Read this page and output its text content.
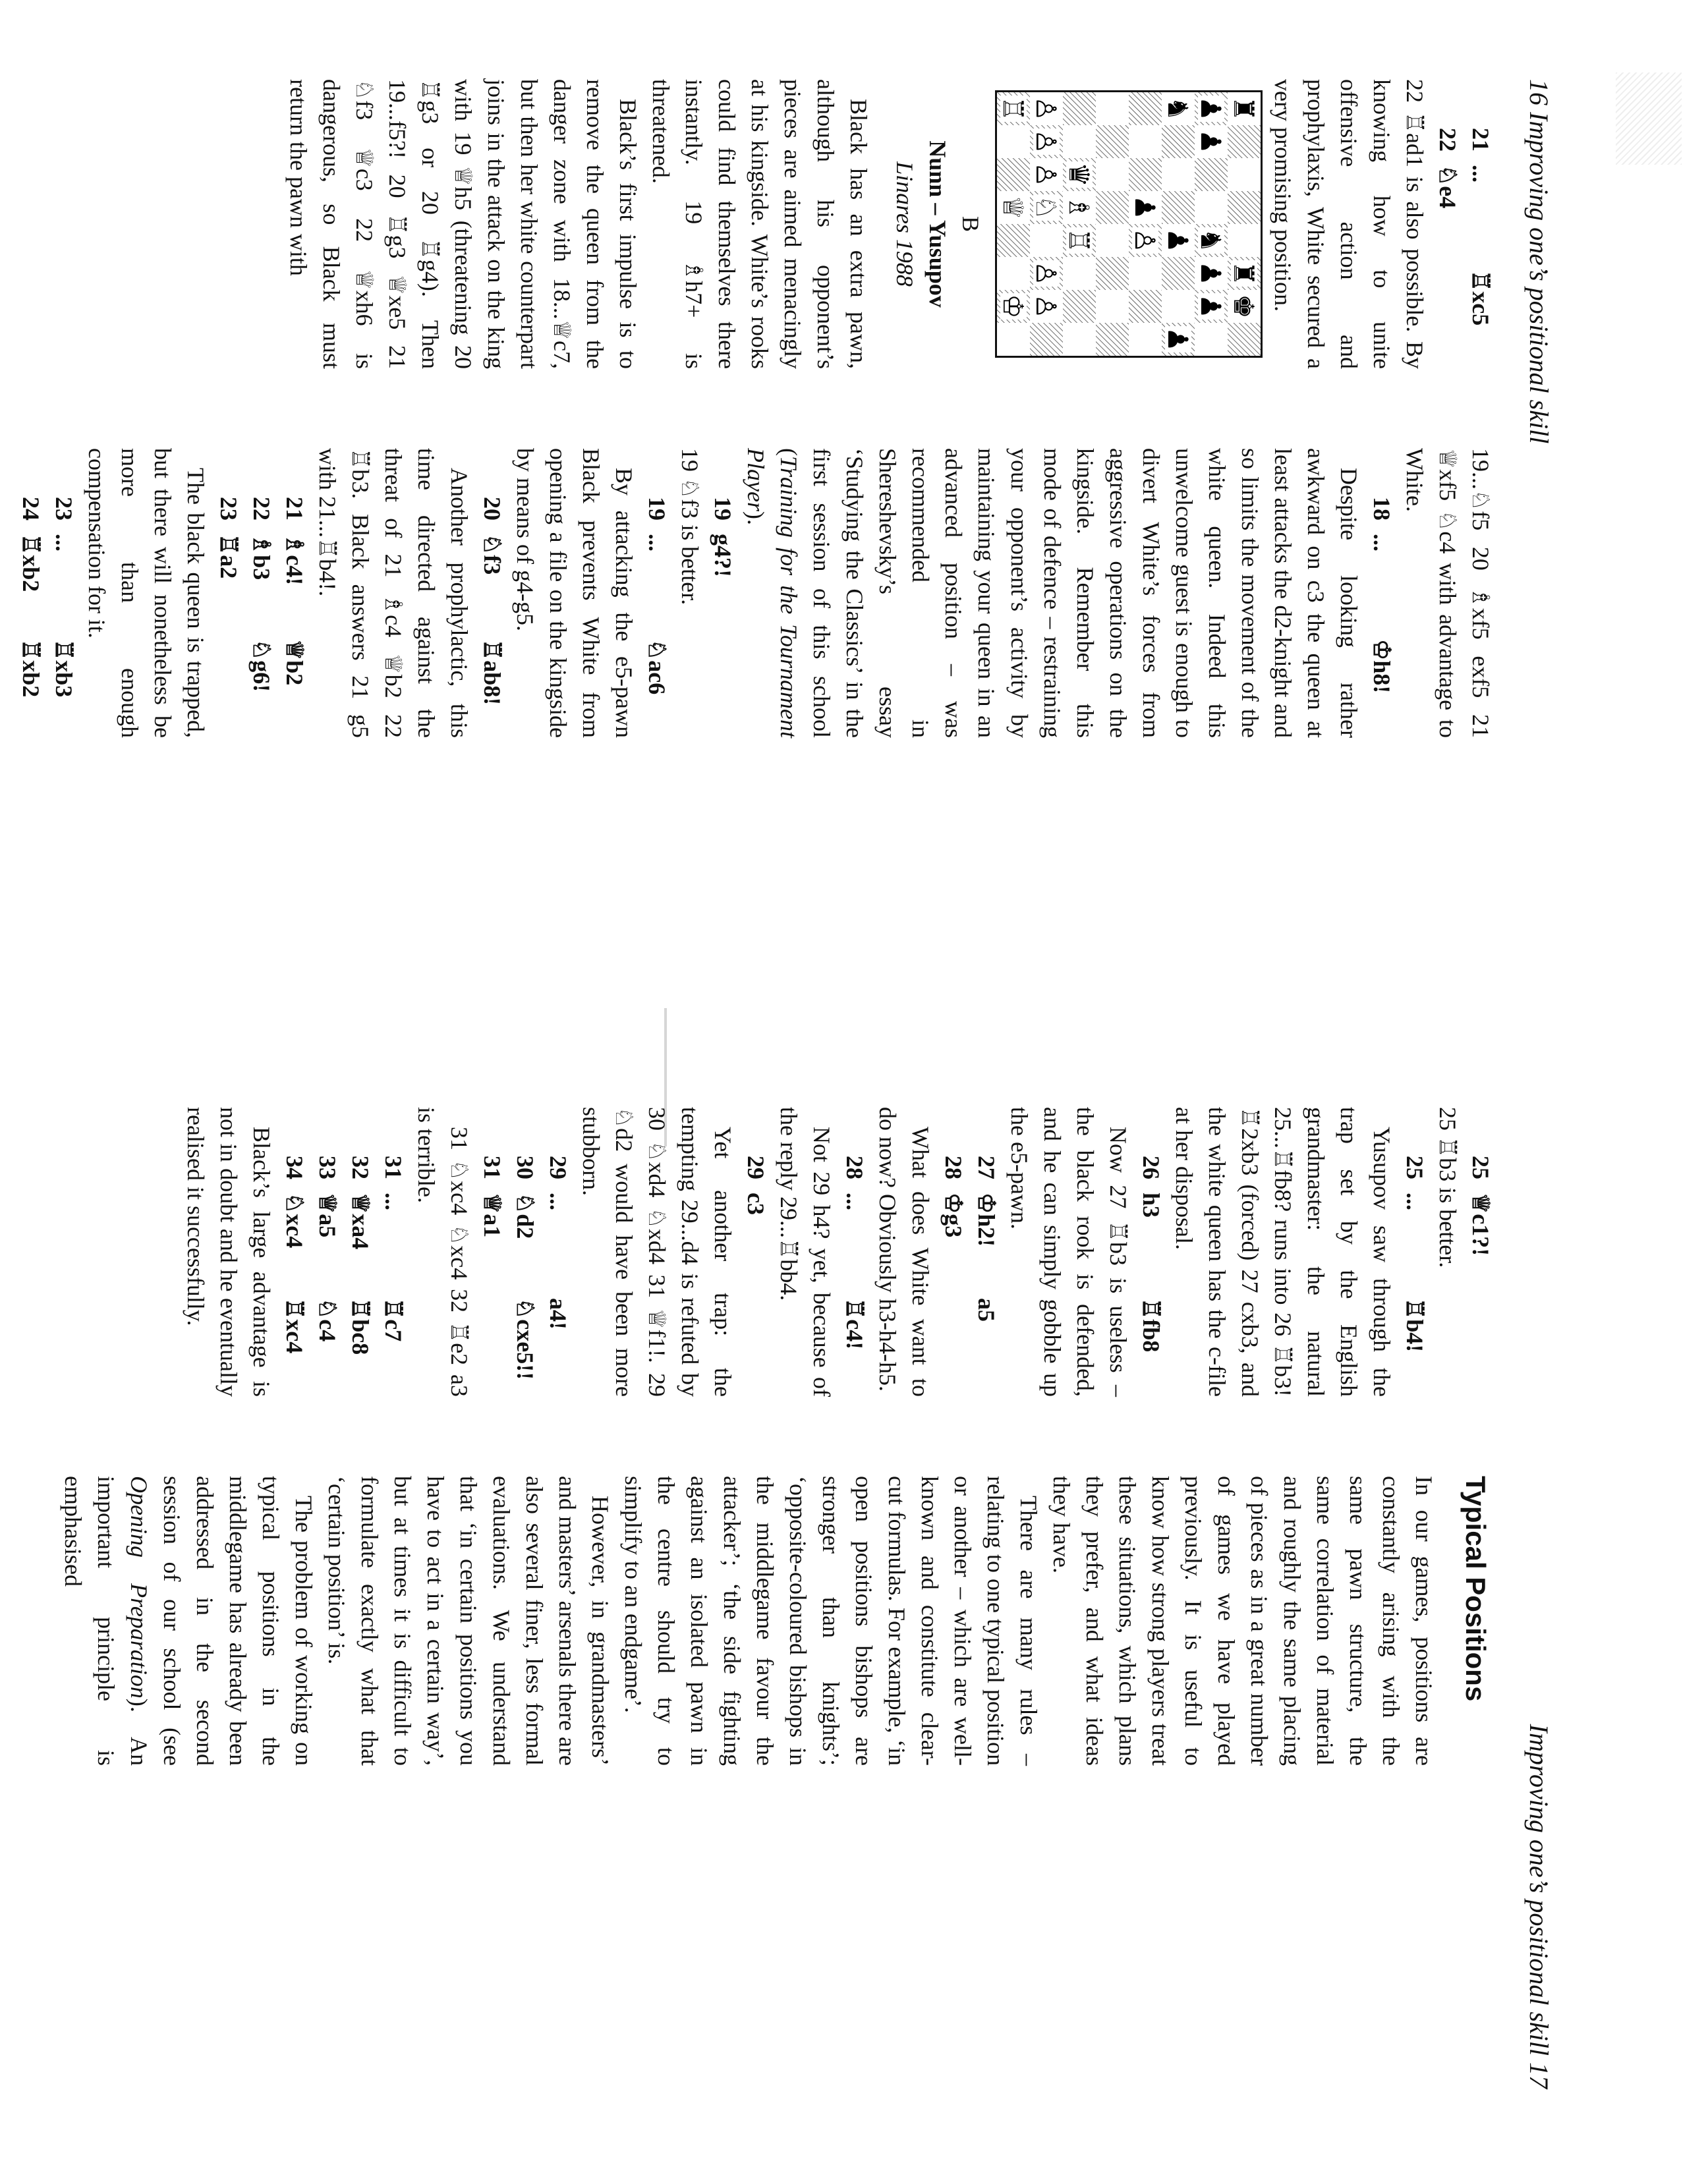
16 Improving one’s positional skill
21
...
♖xc5
22
♘e4

22 ♖ad1 is also possible. By knowing how to unite offensive action and prophylaxis, White secured a very promising position.

♙
♙
♙ ♛
♘ ♗
♖ ♙
♙
♙
♔
♕
♖	♟
♟
♞
♟
♟ ♞
♟ ♜
♟ ♚
♟
♜
B
Nunn – Yusupov
Linares 1988

Black has an extra pawn, although his opponent’s pieces are aimed menacingly at his kingside. White’s rooks could find themselves there instantly. 19 ♗h7+ is threatened.

Black’s first impulse is to remove the queen from the danger zone with 18...♕c7, but then her white counterpart joins in the attack on the king with 19 ♕h5 (threatening 20 ♖g3 or 20 ♖g4). Then 19...f5?! 20 ♖g3 ♕xe5 21 ♘f3 ♕c3 22 ♕xh6 is dangerous, so Black must return the pawn with

19...♘f5 20 ♗xf5 exf5 21 ♕xf5 ♘c4 with advantage to White.

18
...
♔h8!

Despite looking rather awkward on c3 the queen at least attacks the d2-knight and so limits the movement of the white queen. Indeed this unwelcome guest is enough to divert White’s forces from aggressive operations on the kingside. Remember this mode of defence – restraining your opponent’s activity by maintaining your queen in an advanced position – was recommended in Shereshevsky’s essay ‘Studying the Classics’ in the first session of this school (Training for the Tournament Player).

19
g4?!

19 ♘f3 is better.

19
...
♘ac6

By attacking the e5-pawn Black prevents White from opening a file on the kingside by means of g4-g5.

20
♘f3
♖ab8!

Another prophylactic, this time directed against the threat of 21 ♗c4 ♕b2 22 ♖b3. Black answers 21 g5 with 21...♖b4!.

21
♗c4!
♕b2
22
♗b3
♘g6!
23
♖a2

The black queen is trapped, but there will nonetheless be more than enough compensation for it.

23
...
♖xb3
24
♖xb2
♖xb2
Improving one’s positional skill 17
25
♕c1?!

25 ♖b3 is better.

25
...
♖b4!

Yusupov saw through the trap set by the English grandmaster: the natural 25...♖fb8? runs into 26 ♖b3! ♖2xb3 (forced) 27 cxb3, and the white queen has the c-file at her disposal.

26
h3
♖fb8

Now 27 ♖b3 is useless – the black rook is defended, and he can simply gobble up the e5-pawn.

27
♔h2!
a5
28
♔g3

What does White want to do now? Obviously h3-h4-h5.

28
...
♖c4!

Not 29 h4? yet, because of the reply 29...♖bb4.

29
c3

Yet another trap: the tempting 29...d4 is refuted by 30 ♘xd4 ♘xd4 31 ♕f1!. 29 ♘d2 would have been more stubborn.

29
...
a4!
30
♘d2
♘cxe5!!
31
♕a1

31 ♘xc4 ♘xc4 32 ♖e2 a3 is terrible.

31
...
♖c7
32
♕xa4
♖bc8
33
♕a5
♘c4
34
♘xc4
♖xc4

Black’s large advantage is not in doubt and he eventually realised it successfully.

Typical Positions

In our games, positions are constantly arising with the same pawn structure, the same correlation of material and roughly the same placing of pieces as in a great number of games we have played previously. It is useful to know how strong players treat these situations, which plans they prefer, and what ideas they have.

There are many rules – relating to one typical position or another – which are well-known and constitute clear-cut formulas. For example, ‘in open positions bishops are stronger than knights’; ‘opposite-coloured bishops in the middlegame favour the attacker’; ‘the side fighting against an isolated pawn in the centre should try to simplify to an endgame’.

However, in grandmasters’ and masters’ arsenals there are also several finer, less formal evaluations. We understand that ‘in certain positions you have to act in a certain way’, but at times it is difficult to formulate exactly what that ‘certain position’ is.

The problem of working on typical positions in the middlegame has already been addressed in the second session of our school (see Opening Preparation). An important principle is emphasised
